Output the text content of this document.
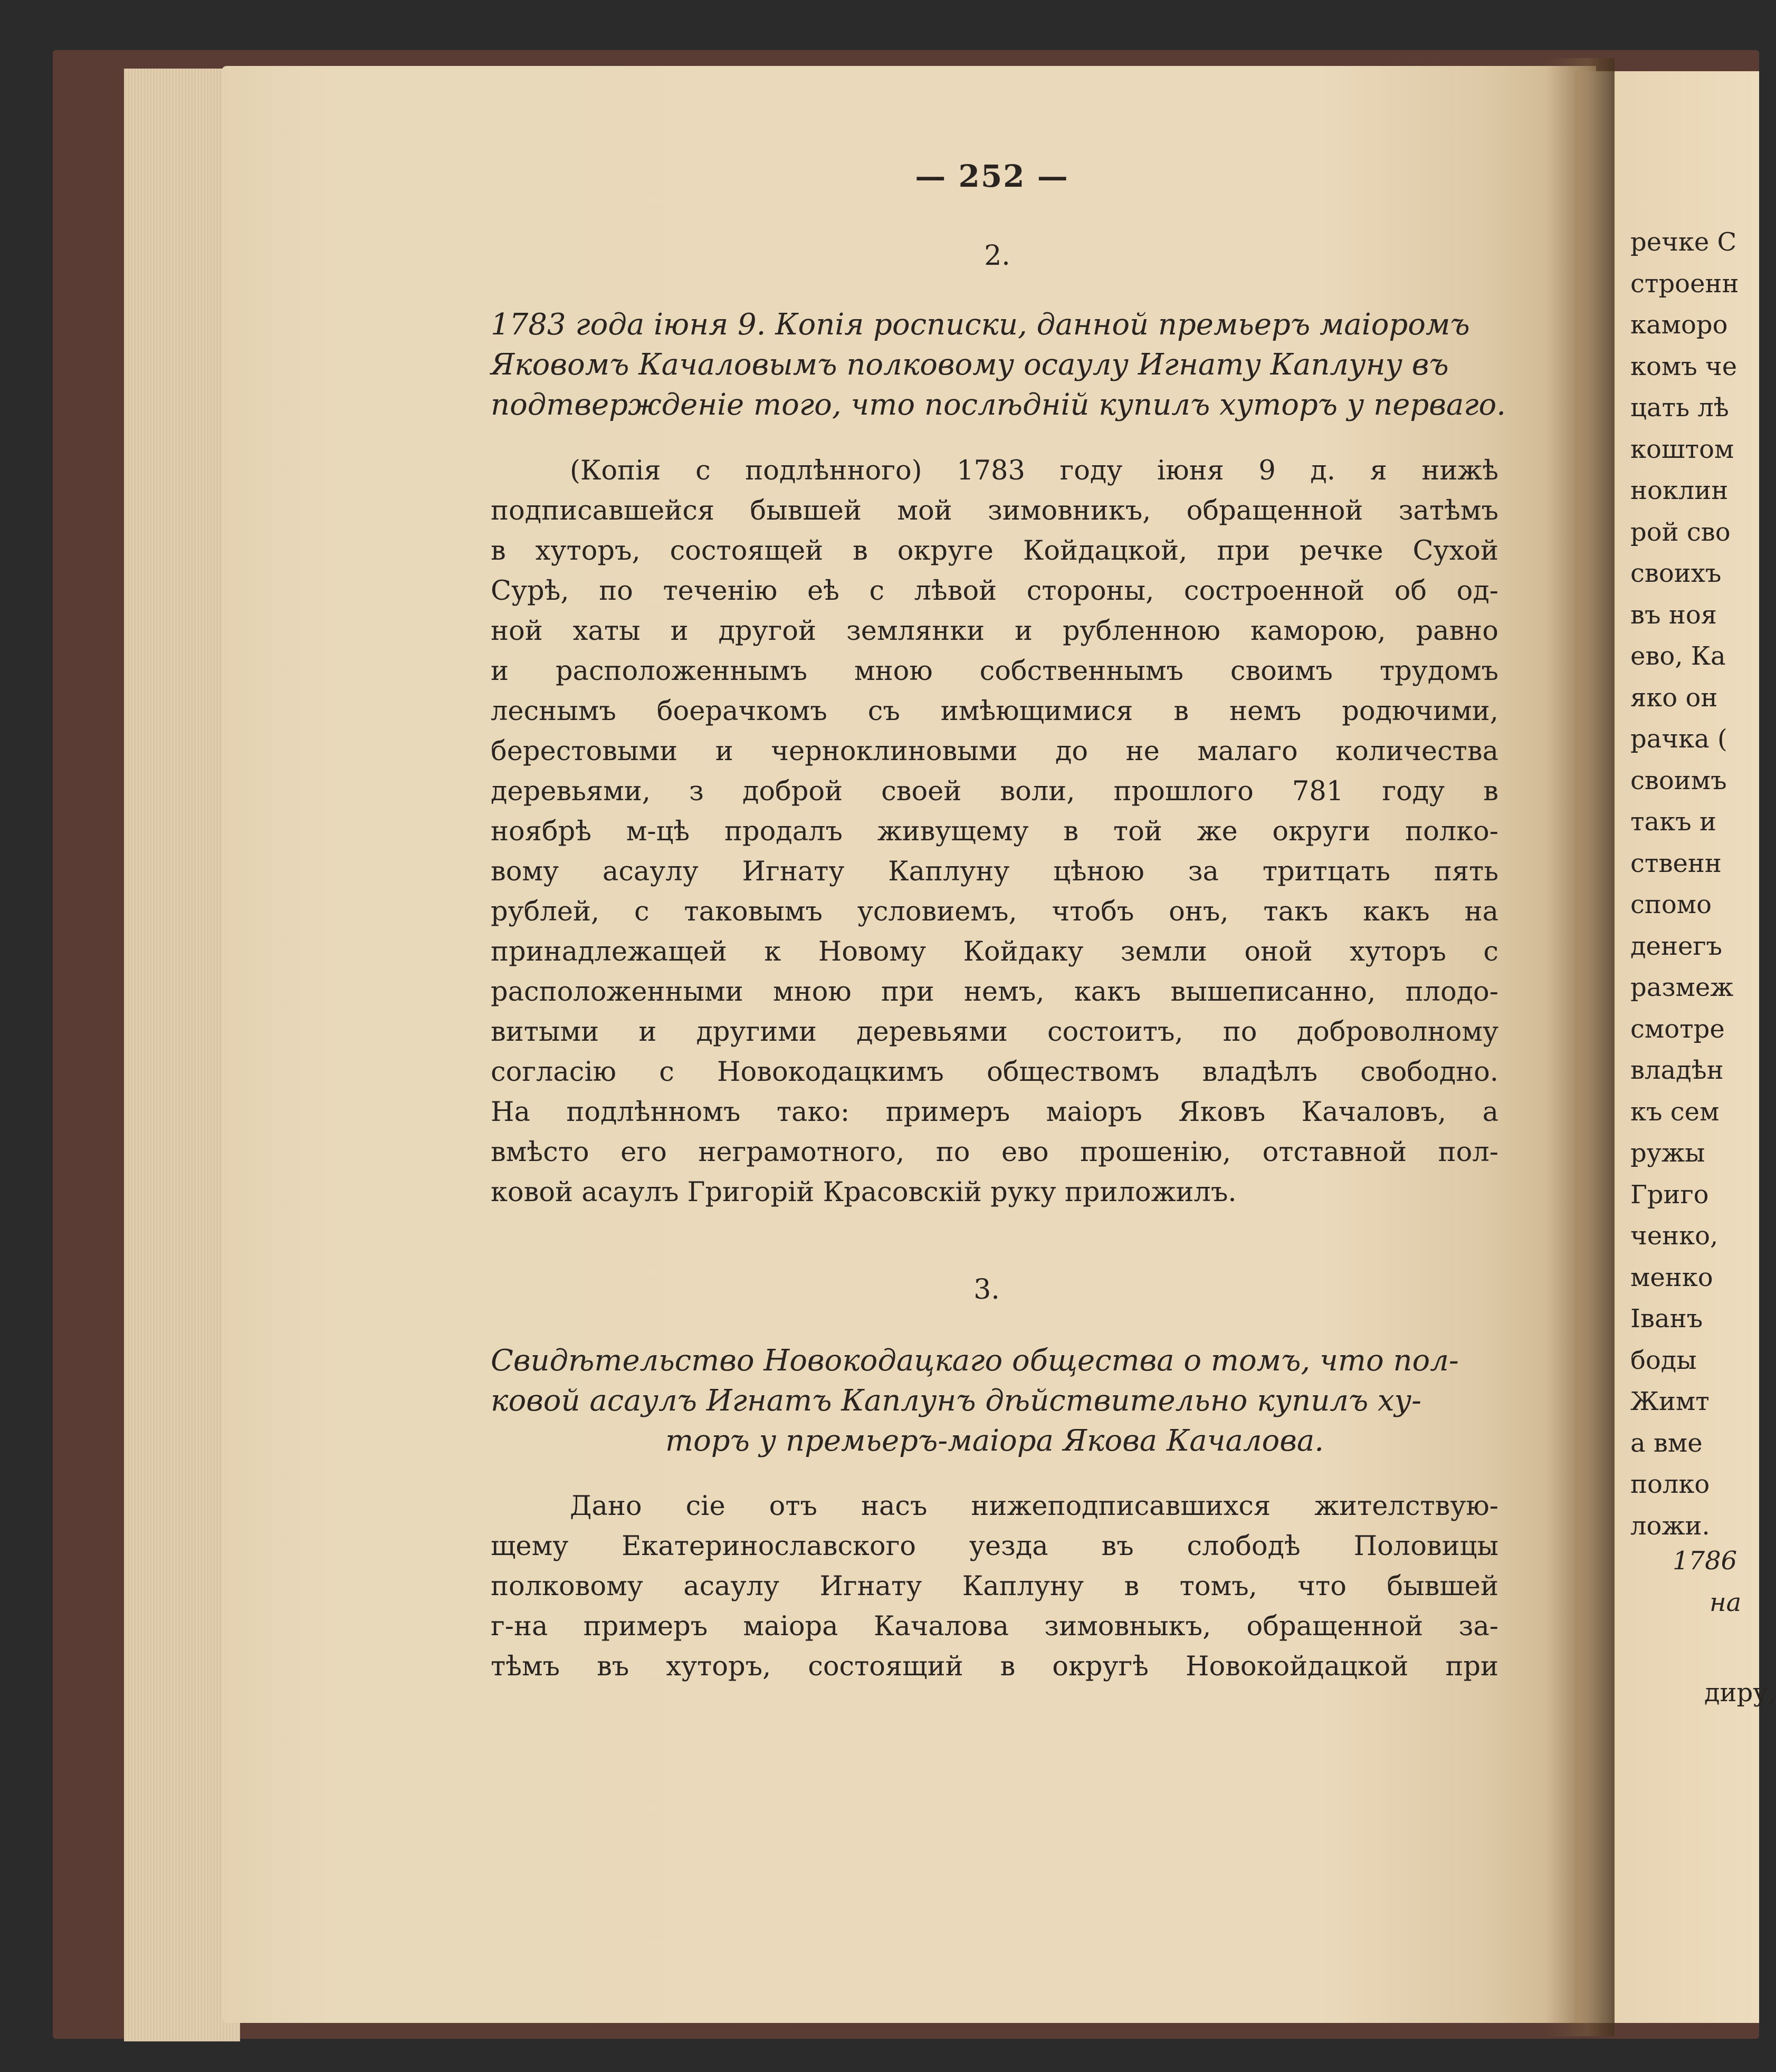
— 252 —
2.
1783 года іюня 9. Копія росписки, данной премьеръ маіоромъ
Яковомъ Качаловымъ полковому осаулу Игнату Каплуну въ
подтвержденіе того, что послѣдній купилъ хуторъ у перваго.
(Копія с подлѣнного) 1783 году іюня 9 д. я нижѣ
подписавшейся бывшей мой зимовникъ, обращенной затѣмъ
в хуторъ, состоящей в округе Койдацкой, при речке Сухой
Сурѣ, по теченію еѣ с лѣвой стороны, состроенной об од-
ной хаты и другой землянки и рубленною каморою, равно
и расположеннымъ мною собственнымъ своимъ трудомъ
леснымъ боерачкомъ съ имѣющимися в немъ родючими,
берестовыми и черноклиновыми до не малаго количества
деревьями, з доброй своей воли, прошлого 781 году в
ноябрѣ м-цѣ продалъ живущему в той же округи полко-
вому асаулу Игнату Каплуну цѣною за тритцать пять
рублей, с таковымъ условиемъ, чтобъ онъ, такъ какъ на
принадлежащей к Новому Койдаку земли оной хуторъ с
расположенными мною при немъ, какъ вышеписанно, плодо-
витыми и другими деревьями состоитъ, по доброволному
согласію с Новокодацкимъ обществомъ владѣлъ свободно.
На подлѣнномъ тако: примеръ маіоръ Яковъ Качаловъ, а
вмѣсто его неграмотного, по ево прошенію, отставной пол-
ковой асаулъ Григорій Красовскій руку приложилъ.
3.
Свидѣтельство Новокодацкаго общества о томъ, что пол-
ковой асаулъ Игнатъ Каплунъ дѣйствительно купилъ ху-
торъ у премьеръ-маіора Якова Качалова.
Дано сіе отъ насъ нижеподписавшихся жителствую-
щему Екатеринославского уезда въ слободѣ Половицы
полковому асаулу Игнату Каплуну в томъ, что бывшей
г-на примеръ маіора Качалова зимовныкъ, обращенной за-
тѣмъ въ хуторъ, состоящий в округѣ Новокойдацкой при
речке С
строенн
каморо
комъ че
цать лѣ
коштом
ноклин
рой сво
своихъ
въ ноя
ево, Ка
яко он
рачка (
своимъ
такъ и
ственн
спомо
денегъ
размеж
смотре
владѣн
къ сем
ружы
Григо
ченко,
менко
Іванъ
боды
Жимт
а вме
полко
ложи.
1786
на
диру,
